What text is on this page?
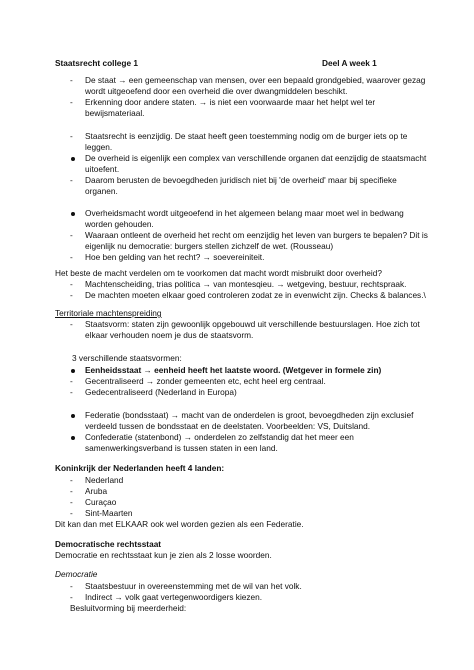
Staatsrecht college 1	Deel A week 1
- De staat → een gemeenschap van mensen, over een bepaald grondgebied, waarover gezag
wordt uitgeoefend door een overheid die over dwangmiddelen beschikt.
- Erkenning door andere staten. → is niet een voorwaarde maar het helpt wel ter
bewijsmateriaal.
- Staatsrecht is eenzijdig. De staat heeft geen toestemming nodig om de burger iets op te
leggen.
De overheid is eigenlijk een complex van verschillende organen dat eenzijdig de staatsmacht
uitoefent.
- Daarom berusten de bevoegdheden juridisch niet bij 'de overheid' maar bij specifieke
organen.
Overheidsmacht wordt uitgeoefend in het algemeen belang maar moet wel in bedwang
worden gehouden.
- Waaraan ontleent de overheid het recht om eenzijdig het leven van burgers te bepalen? Dit is
eigenlijk nu democratie: burgers stellen zichzelf de wet. (Rousseau)
- Hoe ben gelding van het recht? → soevereiniteit.
Het beste de macht verdelen om te voorkomen dat macht wordt misbruikt door overheid?
- Machtenscheiding, trias politica → van montesqieu. → wetgeving, bestuur, rechtspraak.
- De machten moeten elkaar goed controleren zodat ze in evenwicht zijn. Checks & balances.\
Territoriale machtenspreiding
- Staatsvorm: staten zijn gewoonlijk opgebouwd uit verschillende bestuurslagen. Hoe zich tot
elkaar verhouden noem je dus de staatsvorm.
3 verschillende staatsvormen:
Eenheidsstaat → eenheid heeft het laatste woord. (Wetgever in formele zin)
- Gecentraliseerd → zonder gemeenten etc, echt heel erg centraal.
- Gedecentraliseerd (Nederland in Europa)
Federatie (bondsstaat) → macht van de onderdelen is groot, bevoegdheden zijn exclusief
verdeeld tussen de bondsstaat en de deelstaten. Voorbeelden: VS, Duitsland.
Confederatie (statenbond) → onderdelen zo zelfstandig dat het meer een
samenwerkingsverband is tussen staten in een land.
Koninkrijk der Nederlanden heeft 4 landen:
- Nederland
- Aruba
- Curaçao
- Sint-Maarten
Dit kan dan met ELKAAR ook wel worden gezien als een Federatie.
Democratische rechtsstaat
Democratie en rechtsstaat kun je zien als 2 losse woorden.
Democratie
- Staatsbestuur in overeenstemming met de wil van het volk.
- Indirect → volk gaat vertegenwoordigers kiezen.
Besluitvorming bij meerderheid:
